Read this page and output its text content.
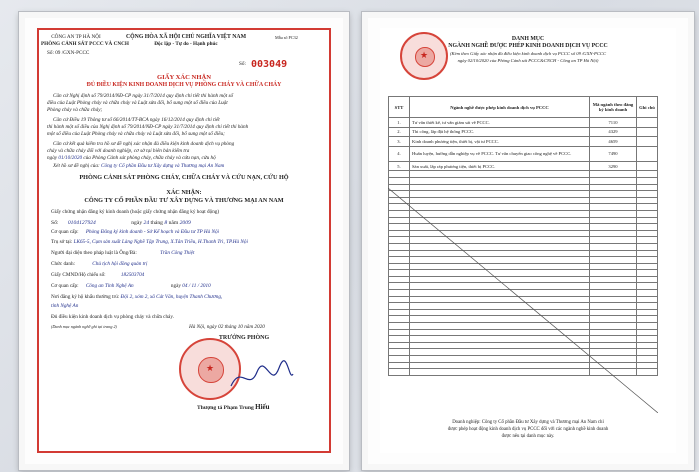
CÔNG AN TP HÀ NỘI
PHÒNG CẢNH SÁT PCCC VÀ CNCH
Số: 09 /GXN-PCCC
CỘNG HÒA XÃ HỘI CHỦ NGHĨA VIỆT NAM
Độc lập - Tự do - Hạnh phúc
Mẫu số PC32
Số: 003049
GIẤY XÁC NHẬN
ĐỦ ĐIỀU KIỆN KINH DOANH DỊCH VỤ PHÒNG CHÁY VÀ CHỮA CHÁY
Căn cứ Nghị định số 79/2014/NĐ-CP ngày 31/7/2014 quy định chi tiết thi hành một số
điều của Luật Phòng cháy và chữa cháy và Luật sửa đổi, bổ sung một số điều của Luật
Phòng cháy và chữa cháy;
Căn cứ Điều 19 Thông tư số 66/2014/TT-BCA ngày 16/12/2014 quy định chi tiết
thi hành một số điều của Nghị định số 79/2014/NĐ-CP ngày 31/7/2014 quy định chi tiết thi hành
một số điều của Luật Phòng cháy và chữa cháy và Luật sửa đổi, bổ sung một số điều;
Căn cứ kết quả kiểm tra hồ sơ đề nghị xác nhận đủ điều kiện kinh doanh dịch vụ phòng
cháy và chữa cháy đối với doanh nghiệp, cơ sở tại biên bản kiểm tra
ngày 01/10/2020 của Phòng Cảnh sát phòng cháy, chữa cháy và cứu nạn, cứu hộ
Xét hồ sơ đề nghị của: Công ty Cổ phần Đầu tư Xây dựng và Thương mại An Nam
PHÒNG CẢNH SÁT PHÒNG CHÁY, CHỮA CHÁY VÀ CỨU NẠN, CỨU HỘ
XÁC NHẬN:
CÔNG TY CỔ PHẦN ĐẦU TƯ XÂY DỰNG VÀ THƯƠNG MẠI AN NAM
Giấy chứng nhận đăng ký kinh doanh (hoặc giấy chứng nhận đăng ký hoạt động)
Số: 0104127924	ngày 24 tháng 8 năm 2009
Cơ quan cấp: Phòng Đăng ký kinh doanh - Sở Kế hoạch và Đầu tư TP Hà Nội
Trụ sở tại: LK65-5, Cụm sản xuất Làng Nghề Tập Trung, X.Tân Triều, H.Thanh Trì, TP.Hà Nội
Người đại diện theo pháp luật là Ông/Bà:	Trần Công Thiệt
Chức danh:	Chủ tịch hội đồng quản trị
Giấy CMND/Hộ chiếu số:	182503704
Cơ quan cấp: Công an Tỉnh Nghệ An	ngày 04 / 11 / 2010
Nơi đăng ký hộ khẩu thường trú: Đội 2, xóm 2, xã Cát Văn, huyện Thanh Chương,
tỉnh Nghệ An
Đủ điều kiện kinh doanh dịch vụ phòng cháy và chữa cháy.
(Danh mục ngành nghề ghi tại trang 2)	Hà Nội, ngày 02 tháng 10 năm 2020
TRƯỞNG PHÒNG
★
Thượng tá Phạm Trung Hiếu
★
DANH MỤC
NGÀNH NGHỀ ĐƯỢC PHÉP KINH DOANH DỊCH VỤ PCCC
(Kèm theo Giấy xác nhận đủ điều kiện kinh doanh dịch vụ PCCC số 09 /GXN-PCCC
ngày 02/10/2020 của Phòng Cảnh sát PCCC&CNCH - Công an TP Hà Nội)
STT	Ngành nghề được phép kinh doanh dịch vụ PCCC	Mã ngành theo đăng ký kinh doanh	Ghi chú
1.	Tư vấn thiết kế, tư vấn giám sát về PCCC.	7110	
2.	Thi công, lắp đặt hệ thống PCCC.	4329	
3.	Kinh doanh phương tiện, thiết bị, vật tư PCCC.	4659	
4.	Huấn luyện, hướng dẫn nghiệp vụ về PCCC. Tư vấn chuyển giao công nghệ về PCCC.	7490	
5.	Sản xuất, lắp ráp phương tiện, thiết bị PCCC.	3290	

Doanh nghiệp: Công ty Cổ phần Đầu tư Xây dựng và Thương mại An Nam chỉ
được phép hoạt động kinh doanh dịch vụ PCCC đối với các ngành nghề kinh doanh
được nêu tại danh mục này.
